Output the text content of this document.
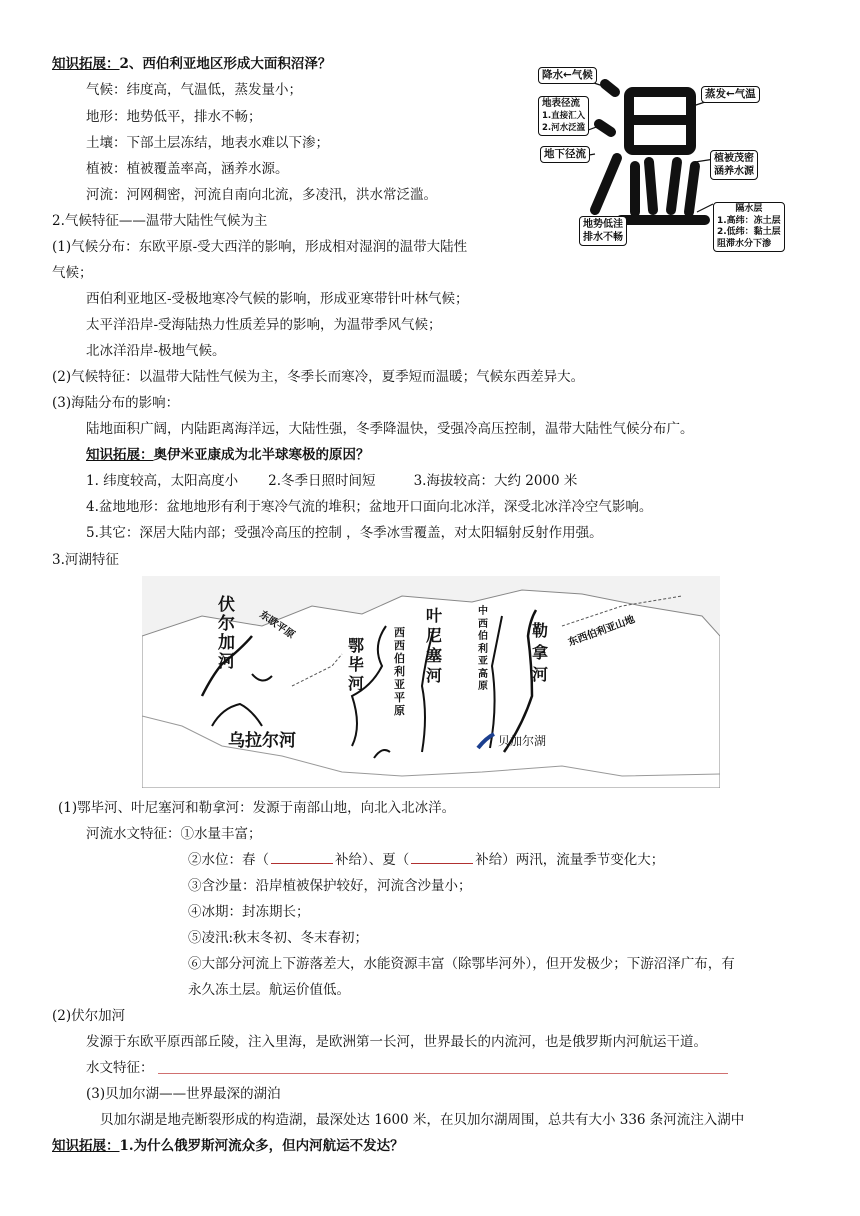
知识拓展：2、西伯利亚地区形成大面积沼泽？
气候：纬度高，气温低，蒸发量小；
地形：地势低平，排水不畅；
土壤：下部土层冻结，地表水难以下渗；
植被：植被覆盖率高，涵养水源。
河流：河网稠密，河流自南向北流，多凌汛，洪水常泛滥。
降水←气候
蒸发←气温
地表径流
1.直接汇入
2.河水泛滥
地下径流	植被茂密
涵养水源
地势低洼
排水不畅
隔水层
1.高纬：冻土层
2.低纬：黏土层
阻滞水分下渗
2.气候特征——温带大陆性气候为主
(1)气候分布：东欧平原-受大西洋的影响，形成相对湿润的温带大陆性
气候；
西伯利亚地区-受极地寒冷气候的影响，形成亚寒带针叶林气候；
太平洋沿岸-受海陆热力性质差异的影响，为温带季风气候；
北冰洋沿岸-极地气候。
(2)气候特征：以温带大陆性气候为主，冬季长而寒冷，夏季短而温暖；气候东西差异大。
(3)海陆分布的影响：
陆地面积广阔，内陆距离海洋远，大陆性强，冬季降温快，受强冷高压控制，温带大陆性气候分布广。
知识拓展：奥伊米亚康成为北半球寒极的原因？
1. 纬度较高，太阳高度小 2.冬季日照时间短	3.海拔较高：大约 2000 米
4.盆地地形：盆地地形有利于寒冷气流的堆积；盆地开口面向北冰洋，深受北冰洋冷空气影响。
5.其它：深居大陆内部；受强冷高压的控制 ，冬季冰雪覆盖，对太阳辐射反射作用强。
3.河湖特征
伏
尔
加
河
东欧平原
乌拉尔河
鄂
毕
河
西
西
伯
利
亚
平
原
叶
尼
塞
河
中
西
伯
利
亚
高
原
勒
拿
河
东西伯利亚山地
贝加尔湖
(1)鄂毕河、叶尼塞河和勒拿河：发源于南部山地，向北入北冰洋。
河流水文特征：①水量丰富；
②水位：春（	补给）、夏（	补给）两汛，流量季节变化大；
③含沙量：沿岸植被保护较好，河流含沙量小；
④冰期：封冻期长；
⑤凌汛:秋末冬初、冬末春初；
⑥大部分河流上下游落差大，水能资源丰富（除鄂毕河外），但开发极少；下游沼泽广布，有
永久冻土层。航运价值低。
(2)伏尔加河
发源于东欧平原西部丘陵，注入里海，是欧洲第一长河，世界最长的内流河，也是俄罗斯内河航运干道。
水文特征：
(3)贝加尔湖——世界最深的湖泊
贝加尔湖是地壳断裂形成的构造湖，最深处达 1600 米，在贝加尔湖周围，总共有大小 336 条河流注入湖中
知识拓展：1.为什么俄罗斯河流众多，但内河航运不发达？
